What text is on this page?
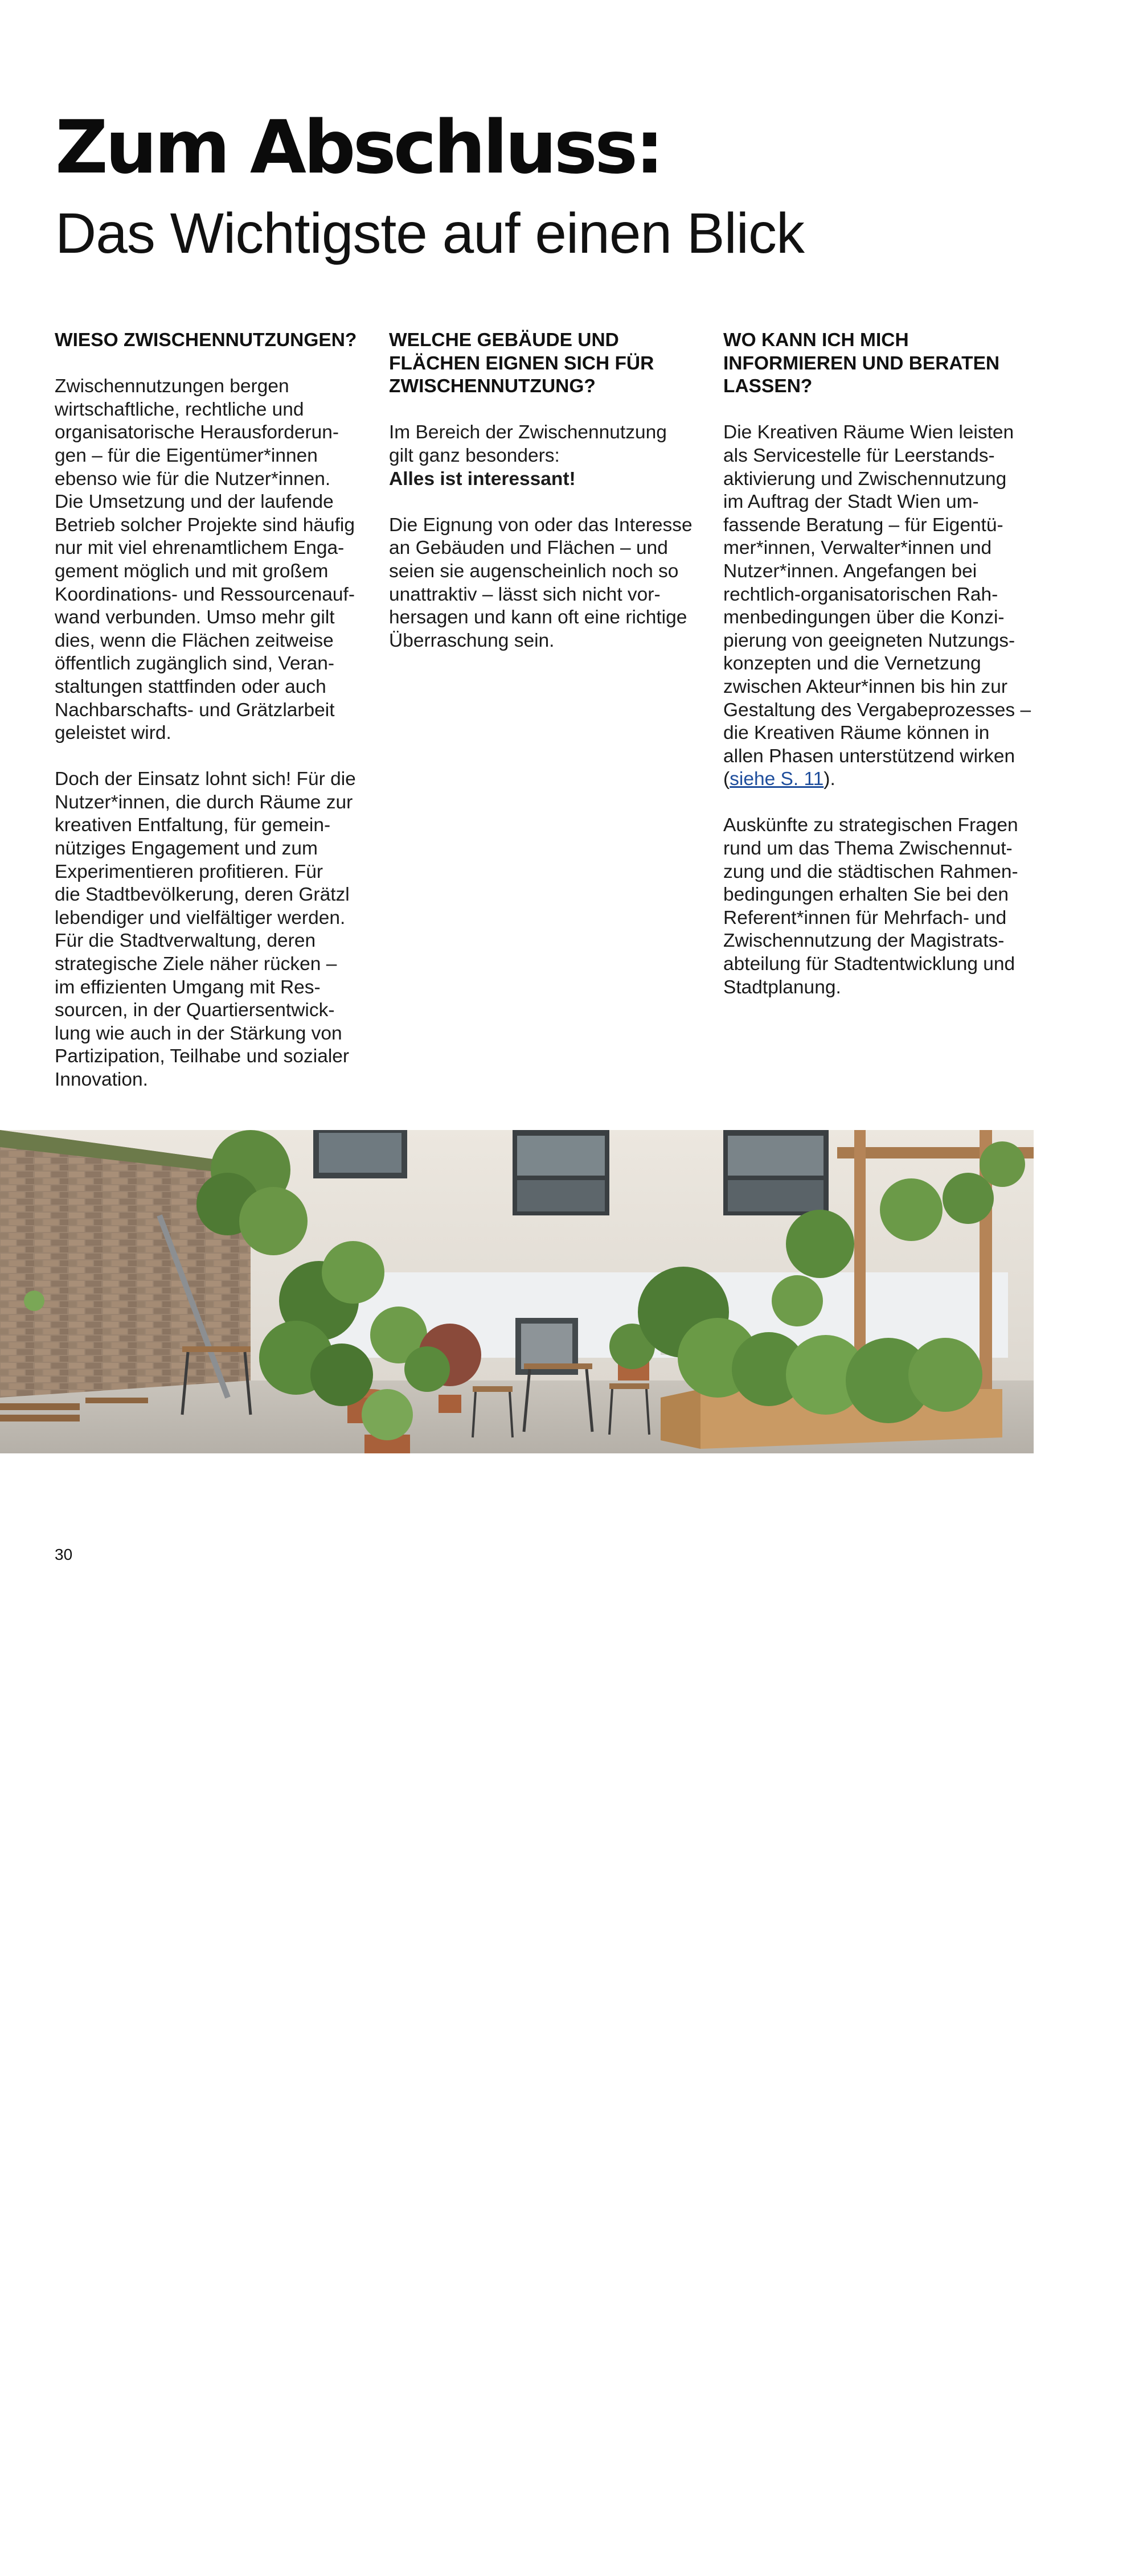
Zum Abschluss:
Das Wichtigste auf einen Blick
WIESO ZWISCHENNUTZUNGEN?

Zwischennutzungen bergen
wirtschaftliche, rechtliche und
organisatorische Herausforderun-
gen – für die Eigentümer*innen
ebenso wie für die Nutzer*innen.
Die Umsetzung und der laufende
Betrieb solcher Projekte sind häufig
nur mit viel ehrenamtlichem Enga-
gement möglich und mit großem
Koordinations- und Ressourcenauf-
wand verbunden. Umso mehr gilt
dies, wenn die Flächen zeitweise
öffentlich zugänglich sind, Veran-
staltungen stattfinden oder auch
Nachbarschafts- und Grätzlarbeit
geleistet wird.

Doch der Einsatz lohnt sich! Für die
Nutzer*innen, die durch Räume zur
kreativen Entfaltung, für gemein-
nütziges Engagement und zum
Experimentieren profitieren. Für
die Stadtbevölkerung, deren Grätzl
lebendiger und vielfältiger werden.
Für die Stadtverwaltung, deren
strategische Ziele näher rücken –
im effizienten Umgang mit Res-
sourcen, in der Quartiersentwick-
lung wie auch in der Stärkung von
Partizipation, Teilhabe und sozialer
Innovation.

WELCHE GEBÄUDE UND
FLÄCHEN EIGNEN SICH FÜR
ZWISCHENNUTZUNG?

Im Bereich der Zwischennutzung
gilt ganz besonders:
Alles ist interessant!

Die Eignung von oder das Interesse
an Gebäuden und Flächen – und
seien sie augenscheinlich noch so
unattraktiv – lässt sich nicht vor-
hersagen und kann oft eine richtige
Überraschung sein.

WO KANN ICH MICH
INFORMIEREN UND BERATEN
LASSEN?

Die Kreativen Räume Wien leisten
als Servicestelle für Leerstands-
aktivierung und Zwischennutzung
im Auftrag der Stadt Wien um-
fassende Beratung – für Eigentü-
mer*innen, Verwalter*innen und
Nutzer*innen. Angefangen bei
rechtlich-organisatorischen Rah-
menbedingungen über die Konzi-
pierung von geeigneten Nutzungs-
konzepten und die Vernetzung
zwischen Akteur*innen bis hin zur
Gestaltung des Vergabeprozesses –
die Kreativen Räume können in
allen Phasen unterstützend wirken
(siehe S. 11).

Auskünfte zu strategischen Fragen
rund um das Thema Zwischennut-
zung und die städtischen Rahmen-
bedingungen erhalten Sie bei den
Referent*innen für Mehrfach- und
Zwischennutzung der Magistrats-
abteilung für Stadtentwicklung und
Stadtplanung.

© Florian Mair | CREATIVE CLUSTER
30
